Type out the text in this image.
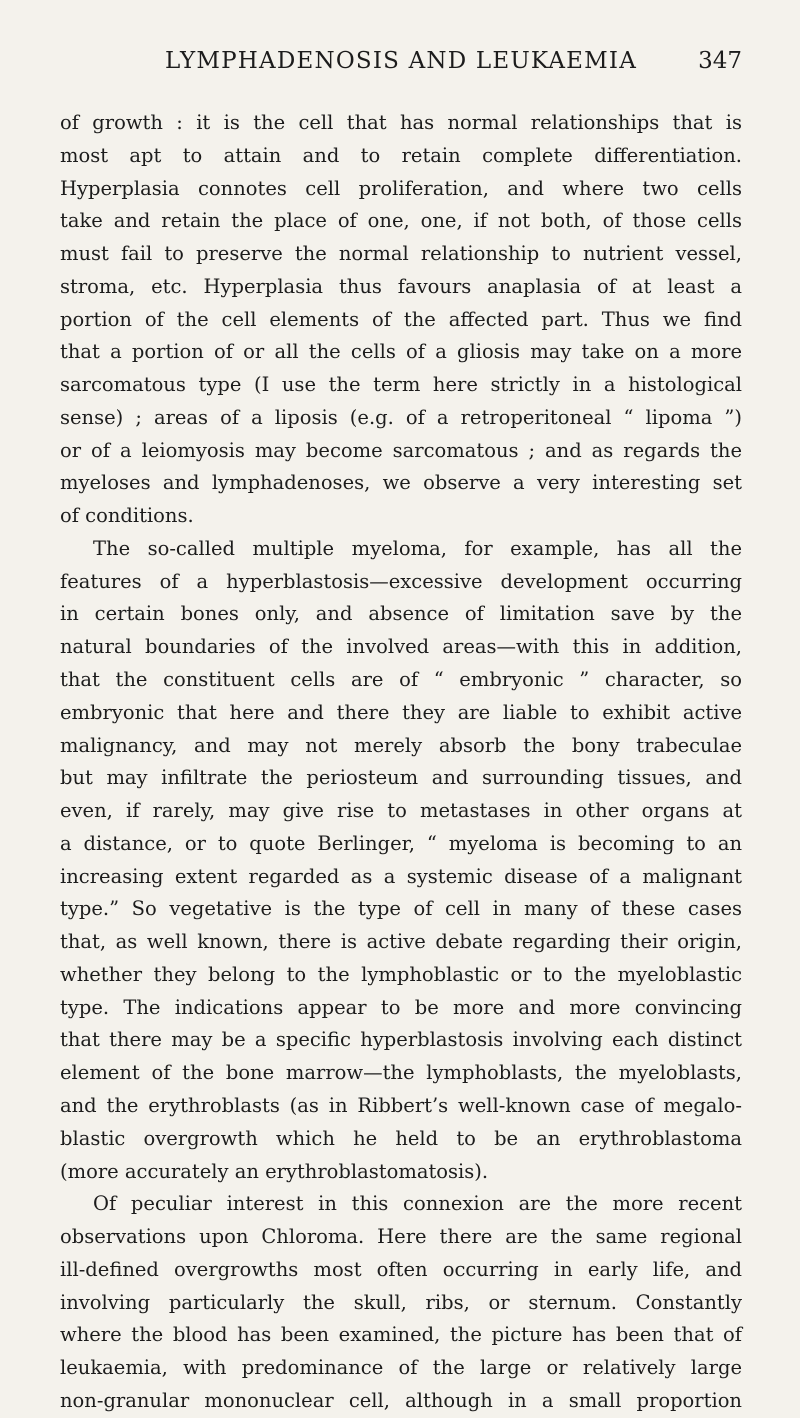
LYMPHADENOSIS AND LEUKAEMIA	347
of growth : it is the cell that has normal relationships that is
most apt to attain and to retain complete differentiation.
Hyperplasia connotes cell proliferation, and where two cells
take and retain the place of one, one, if not both, of those cells
must fail to preserve the normal relationship to nutrient vessel,
stroma, etc. Hyperplasia thus favours anaplasia of at least a
portion of the cell elements of the affected part. Thus we find
that a portion of or all the cells of a gliosis may take on a more
sarcomatous type (I use the term here strictly in a histological
sense) ; areas of a liposis (e.g. of a retroperitoneal “ lipoma ”)
or of a leiomyosis may become sarcomatous ; and as regards the
myeloses and lymphadenoses, we observe a very interesting set
of conditions.
The so-called multiple myeloma, for example, has all the
features of a hyperblastosis—excessive development occurring
in certain bones only, and absence of limitation save by the
natural boundaries of the involved areas—with this in addition,
that the constituent cells are of “ embryonic ” character, so
embryonic that here and there they are liable to exhibit active
malignancy, and may not merely absorb the bony trabeculae
but may infiltrate the periosteum and surrounding tissues, and
even, if rarely, may give rise to metastases in other organs at
a distance, or to quote Berlinger, “ myeloma is becoming to an
increasing extent regarded as a systemic disease of a malignant
type.” So vegetative is the type of cell in many of these cases
that, as well known, there is active debate regarding their origin,
whether they belong to the lymphoblastic or to the myeloblastic
type. The indications appear to be more and more convincing
that there may be a specific hyperblastosis involving each distinct
element of the bone marrow—the lymphoblasts, the myeloblasts,
and the erythroblasts (as in Ribbert’s well-known case of megalo-
blastic overgrowth which he held to be an erythroblastoma
(more accurately an erythroblastomatosis).
Of peculiar interest in this connexion are the more recent
observations upon Chloroma. Here there are the same regional
ill-defined overgrowths most often occurring in early life, and
involving particularly the skull, ribs, or sternum. Constantly
where the blood has been examined, the picture has been that of
leukaemia, with predominance of the large or relatively large
non-granular mononuclear cell, although in a small proportion
